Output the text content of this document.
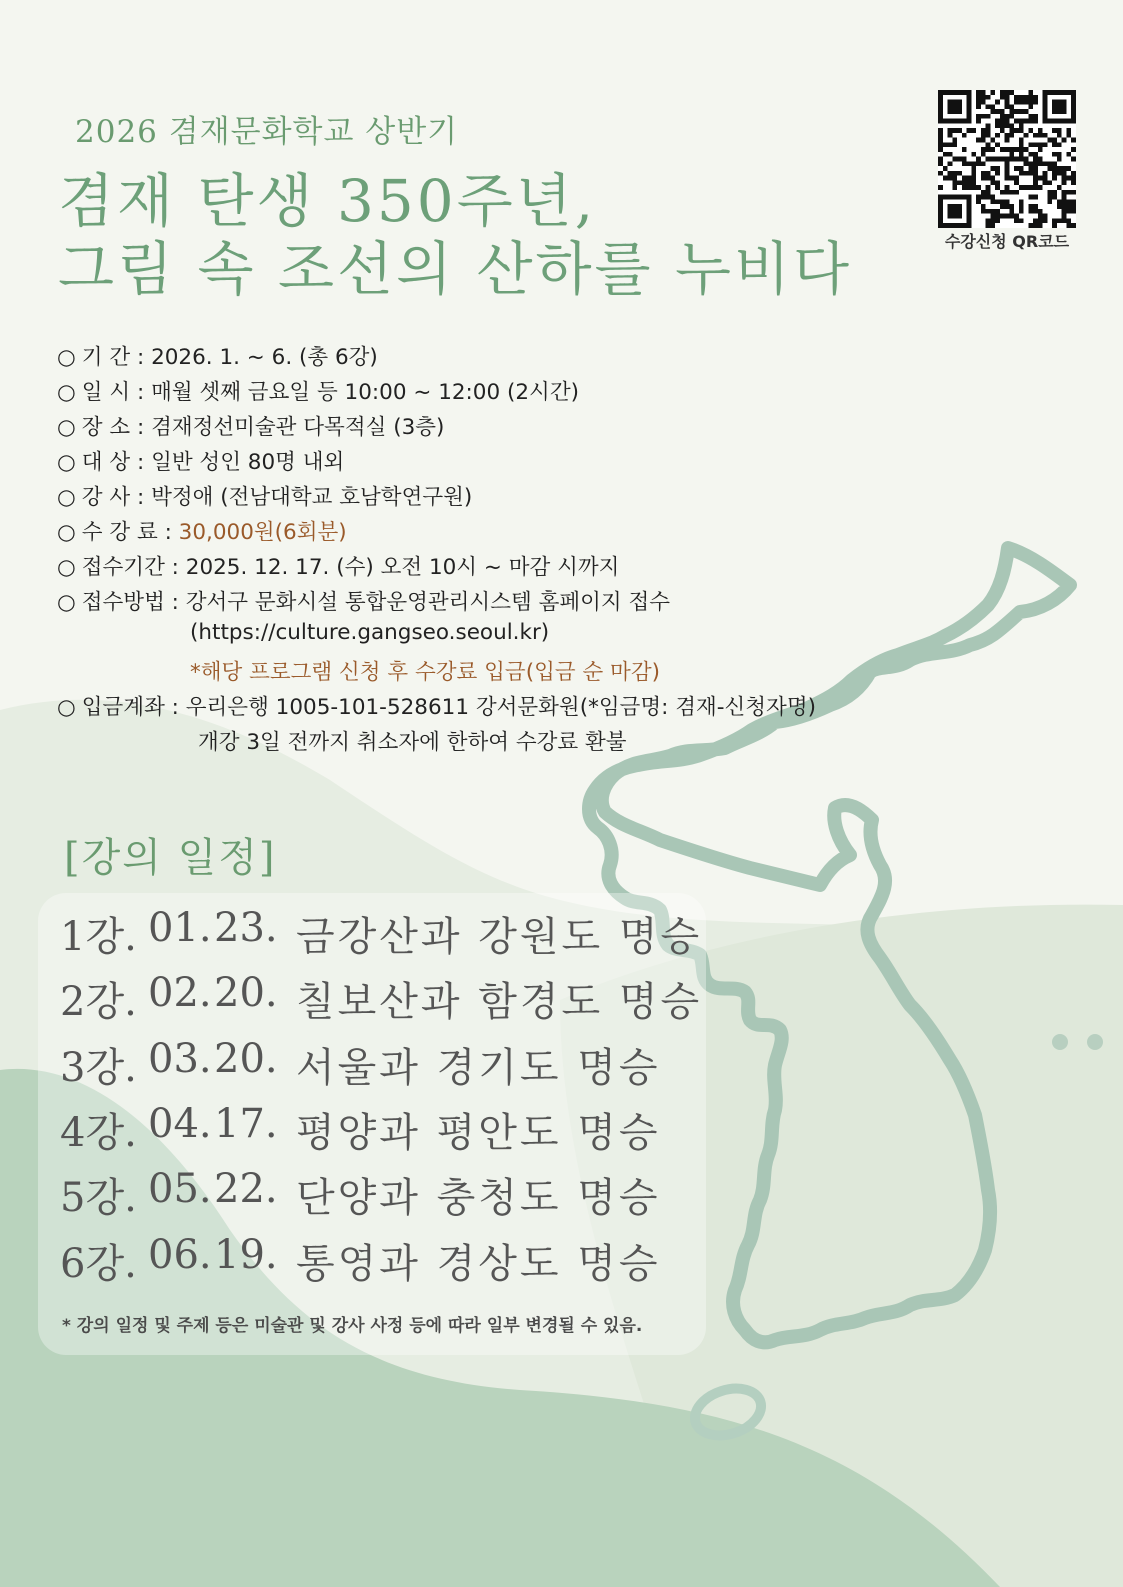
2026 겸재문화학교 상반기
겸재 탄생 350주년,
그림 속 조선의 산하를 누비다	수강신청 QR코드
○ 기 간 : 2026. 1. ~ 6. (총 6강)
○ 일 시 : 매월 셋째 금요일 등 10:00 ~ 12:00 (2시간)
○ 장 소 : 겸재정선미술관 다목적실 (3층)
○ 대 상 : 일반 성인 80명 내외
○ 강 사 : 박정애 (전남대학교 호남학연구원)
○ 수 강 료 : 30,000원(6회분)
○ 접수기간 : 2025. 12. 17. (수) 오전 10시 ~ 마감 시까지
○ 접수방법 : 강서구 문화시설 통합운영관리시스템 홈페이지 접수
(https://culture.gangseo.seoul.kr)
*해당 프로그램 신청 후 수강료 입금(입금 순 마감)
○ 입금계좌 : 우리은행 1005-101-528611 강서문화원(*임금명: 겸재-신청자명)
개강 3일 전까지 취소자에 한하여 수강료 환불
[강의 일정]
1강. 01. 23. 금강산과 강원도 명승
2강. 02. 20. 칠보산과 함경도 명승
3강. 03. 20. 서울과 경기도 명승
4강. 04. 17. 평양과 평안도 명승
5강. 05. 22. 단양과 충청도 명승
6강. 06. 19. 통영과 경상도 명승
* 강의 일정 및 주제 등은 미술관 및 강사 사정 등에 따라 일부 변경될 수 있음.
